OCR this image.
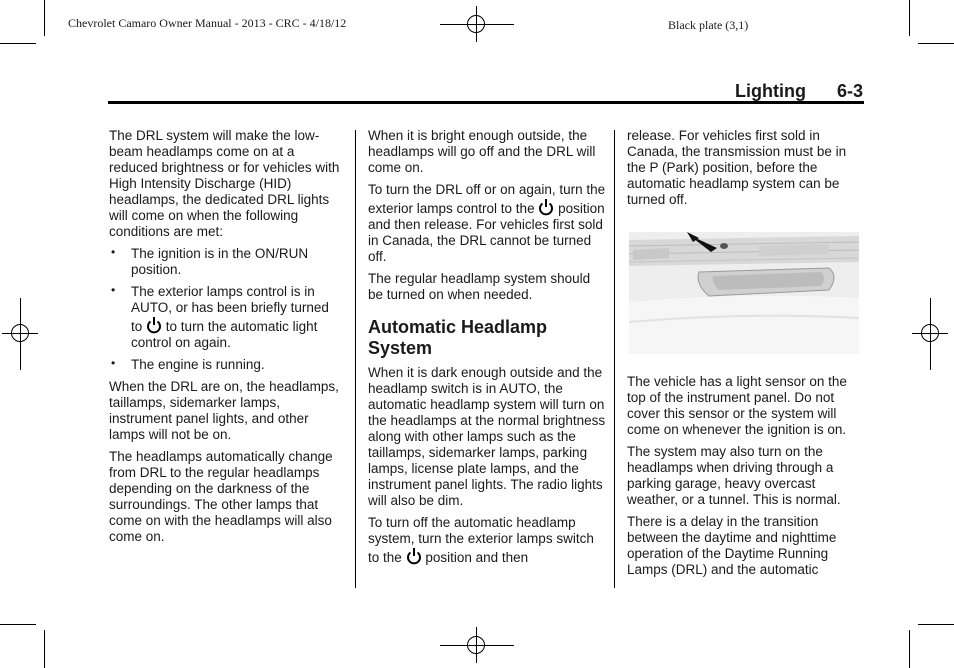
Chevrolet Camaro Owner Manual - 2013 - CRC - 4/18/12	Black plate (3,1)
Lighting 6-3

The DRL system will make the low-beam headlamps come on at a reduced brightness or for vehicles with High Intensity Discharge (HID) headlamps, the dedicated DRL lights will come on when the following conditions are met:

• The ignition is in the ON/RUN position.
• The exterior lamps control is in AUTO, or has been briefly turned to to turn the automatic light control on again.
• The engine is running.

When the DRL are on, the headlamps, taillamps, sidemarker lamps, instrument panel lights, and other lamps will not be on.

The headlamps automatically change from DRL to the regular headlamps depending on the darkness of the surroundings. The other lamps that come on with the headlamps will also come on.

When it is bright enough outside, the headlamps will go off and the DRL will come on.

To turn the DRL off or on again, turn the exterior lamps control to the position and then release. For vehicles first sold in Canada, the DRL cannot be turned off.

The regular headlamp system should be turned on when needed.

Automatic Headlamp System

When it is dark enough outside and the headlamp switch is in AUTO, the automatic headlamp system will turn on the headlamps at the normal brightness along with other lamps such as the taillamps, sidemarker lamps, parking lamps, license plate lamps, and the instrument panel lights. The radio lights will also be dim.

To turn off the automatic headlamp system, turn the exterior lamps switch to the position and then

release. For vehicles first sold in Canada, the transmission must be in the P (Park) position, before the automatic headlamp system can be turned off.

The vehicle has a light sensor on the top of the instrument panel. Do not cover this sensor or the system will come on whenever the ignition is on.

The system may also turn on the headlamps when driving through a parking garage, heavy overcast weather, or a tunnel. This is normal.

There is a delay in the transition between the daytime and nighttime operation of the Daytime Running Lamps (DRL) and the automatic
